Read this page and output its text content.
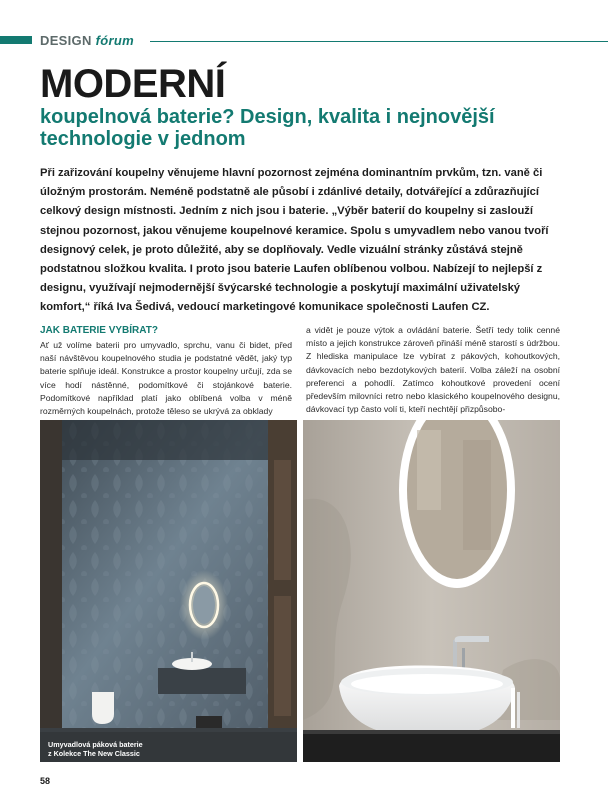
DESIGN fórum
MODERNÍ
koupelnová baterie? Design, kvalita i nejnovější technologie v jednom

Při zařizování koupelny věnujeme hlavní pozornost zejména dominantním prvkům, tzn. vaně či úložným prostorám. Neméně podstatně ale působí i zdánlivé detaily, dotvářející a zdůrazňující celkový design místnosti. Jedním z nich jsou i baterie. „Výběr baterií do koupelny si zaslouží stejnou pozornost, jakou věnujeme koupelnové keramice. Spolu s umyvadlem nebo vanou tvoří designový celek, je proto důležité, aby se doplňovaly. Vedle vizuální stránky zůstává stejně podstatnou složkou kvalita. I proto jsou baterie Laufen oblíbenou volbou. Nabízejí to nejlepší z designu, využívají nejmodernější švýcarské technologie a poskytují maximální uživatelský komfort,“ říká Iva Šedivá, vedoucí marketingové komunikace společnosti Laufen CZ.

JAK BATERIE VYBÍRAT?
Ať už volíme baterii pro umyvadlo, sprchu, vanu či bidet, před naší návštěvou koupelnového studia je podstatné vědět, jaký typ baterie splňuje ideál. Konstrukce a prostor koupelny určují, zda se více hodí nástěnné, podomítkové či stojánkové baterie. Podomítkové například platí jako oblíbená volba v méně rozměrných koupelnách, protože těleso se ukrývá za obklady
a vidět je pouze výtok a ovládání baterie. Šetří tedy tolik cenné místo a jejich konstrukce zároveň přináší méně starostí s údržbou. Z hlediska manipulace lze vybírat z pákových, kohoutkových, dávkovacích nebo bezdotykových baterií. Volba záleží na osobní preferenci a pohodlí. Zatímco kohoutkové provedení ocení především milovníci retro nebo klasického koupelnového designu, dávkovací typ často volí ti, kteří nechtějí přizpůsobo-
Umyvadlová páková baterie
z Kolekce The New Classic
58
